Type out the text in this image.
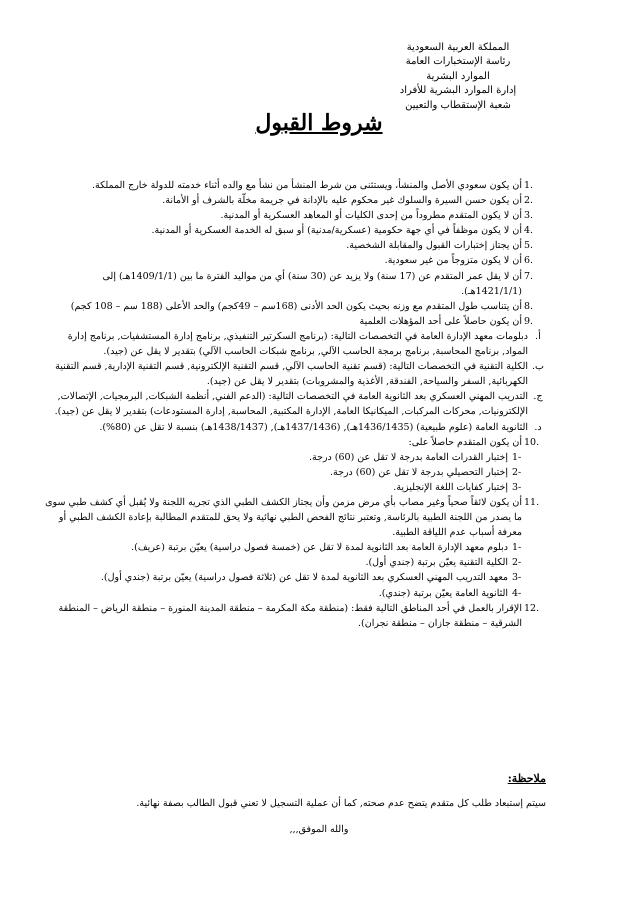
المملكة العربية السعودية
رئاسة الإستخبارات العامة
الموارد البشرية
إدارة الموارد البشرية للأفراد
شعبة الإستقطاب والتعيين
شروط القبول
1.
أن يكون سعودي الأصل والمنشأ، ويستثنى من شرط المنشأ من نشأ مع والده أثناء خدمته للدولة خارج المملكة.
2.
أن يكون حسن السيرة والسلوك غير محكوم عليه بالإدانة في جريمة مخلّة بالشرف أو الأمانة.
3.
أن لا يكون المتقدم مطروداً من إحدى الكليات أو المعاهد العسكرية أو المدنية.
4.
أن لا يكون موظفاً في أي جهة حكومية (عسكرية/مدنية) أو سبق له الخدمة العسكرية أو المدنية.
5.
أن يجتاز إختبارات القبول والمقابلة الشخصية.
6.
أن لا يكون متزوجاً من غير سعودية.
7.
أن لا يقل عمر المتقدم عن (17 سنة) ولا يزيد عن (30 سنة) أي من مواليد الفترة ما بين (1409/1/1هـ) إلى (1421/1/1هـ).
8.
أن يتناسب طول المتقدم مع وزنه بحيث يكون الحد الأدنى (168سم – 49كجم) والحد الأعلى (188 سم – 108 كجم)
9.
أن يكون حاصلاً على أحد المؤهلات العلمية
أ.
دبلومات معهد الإدارة العامة في التخصصات التالية: (برنامج السكرتير التنفيذي, برنامج إدارة المستشفيات, برنامج إدارة المواد, برنامج المحاسبة, برنامج برمجة الحاسب الآلي, برنامج شبكات الحاسب الآلي) بتقدير لا يقل عن (جيد).
ب.
الكلية التقنية في التخصصات التالية: (قسم تقنية الحاسب الآلي, قسم التقنية الإلكترونية, قسم التقنية الإدارية, قسم التقنية الكهربائية, السفر والسياحة, الفندقة, الأغذية والمشروبات) بتقدير لا يقل عن (جيد).
ج.
التدريب المهني العسكري بعد الثانوية العامة في التخصصات التالية: (الدعم الفني, أنظمة الشبكات, البرمجيات, الإتصالات, الإلكترونيات, محركات المركبات, الميكانيكا العامة, الإدارة المكتبية, المحاسبة, إدارة المستودعات) بتقدير لا يقل عن (جيد).
د.
الثانوية العامة (علوم طبيعية) (1436/1435هـ), (1437/1436هـ), (1438/1437هـ) بنسبة لا تقل عن (80%).
10.
أن يكون المتقدم حاصلاً على:
1-
إختبار القدرات العامة بدرجة لا تقل عن (60) درجة.
2-
إختبار التحصيلي بدرجة لا تقل عن (60) درجة.
3-
إختبار كفايات اللغة الإنجليزية.
11.
أن يكون لائقاً صحياً وغير مصاب بأي مرض مزمن وأن يجتاز الكشف الطبي الذي تجريه اللجنة ولا يُقبل أي كشف طبي سوى ما يصدر من اللجنة الطبية بالرئاسة, وتعتبر نتائج الفحص الطبي نهائية ولا يحق للمتقدم المطالبة بإعادة الكشف الطبي أو معرفة أسباب عدم اللياقة الطبية.
1-
دبلوم معهد الإدارة العامة بعد الثانوية لمدة لا تقل عن (خمسة فصول دراسية) يعيّن برتبة (عريف).
2-
الكلية التقنية يعيّن برتبة (جندي أول).
3-
معهد التدريب المهني العسكري بعد الثانوية لمدة لا تقل عن (ثلاثة فصول دراسية) يعيّن برتبة (جندي أول).
4-
الثانوية العامة يعيّن برتبة (جندي).
12.
الإقرار بالعمل في أحد المناطق التالية فقط: (منطقة مكة المكرمة – منطقة المدينة المنورة – منطقة الرياض – المنطقة الشرقية – منطقة جازان – منطقة نجران).
ملاحظة:
سيتم إستبعاد طلب كل متقدم يتضح عدم صحته, كما أن عملية التسجيل لا تعني قبول الطالب بصفة نهائية.
والله الموفق,,,
